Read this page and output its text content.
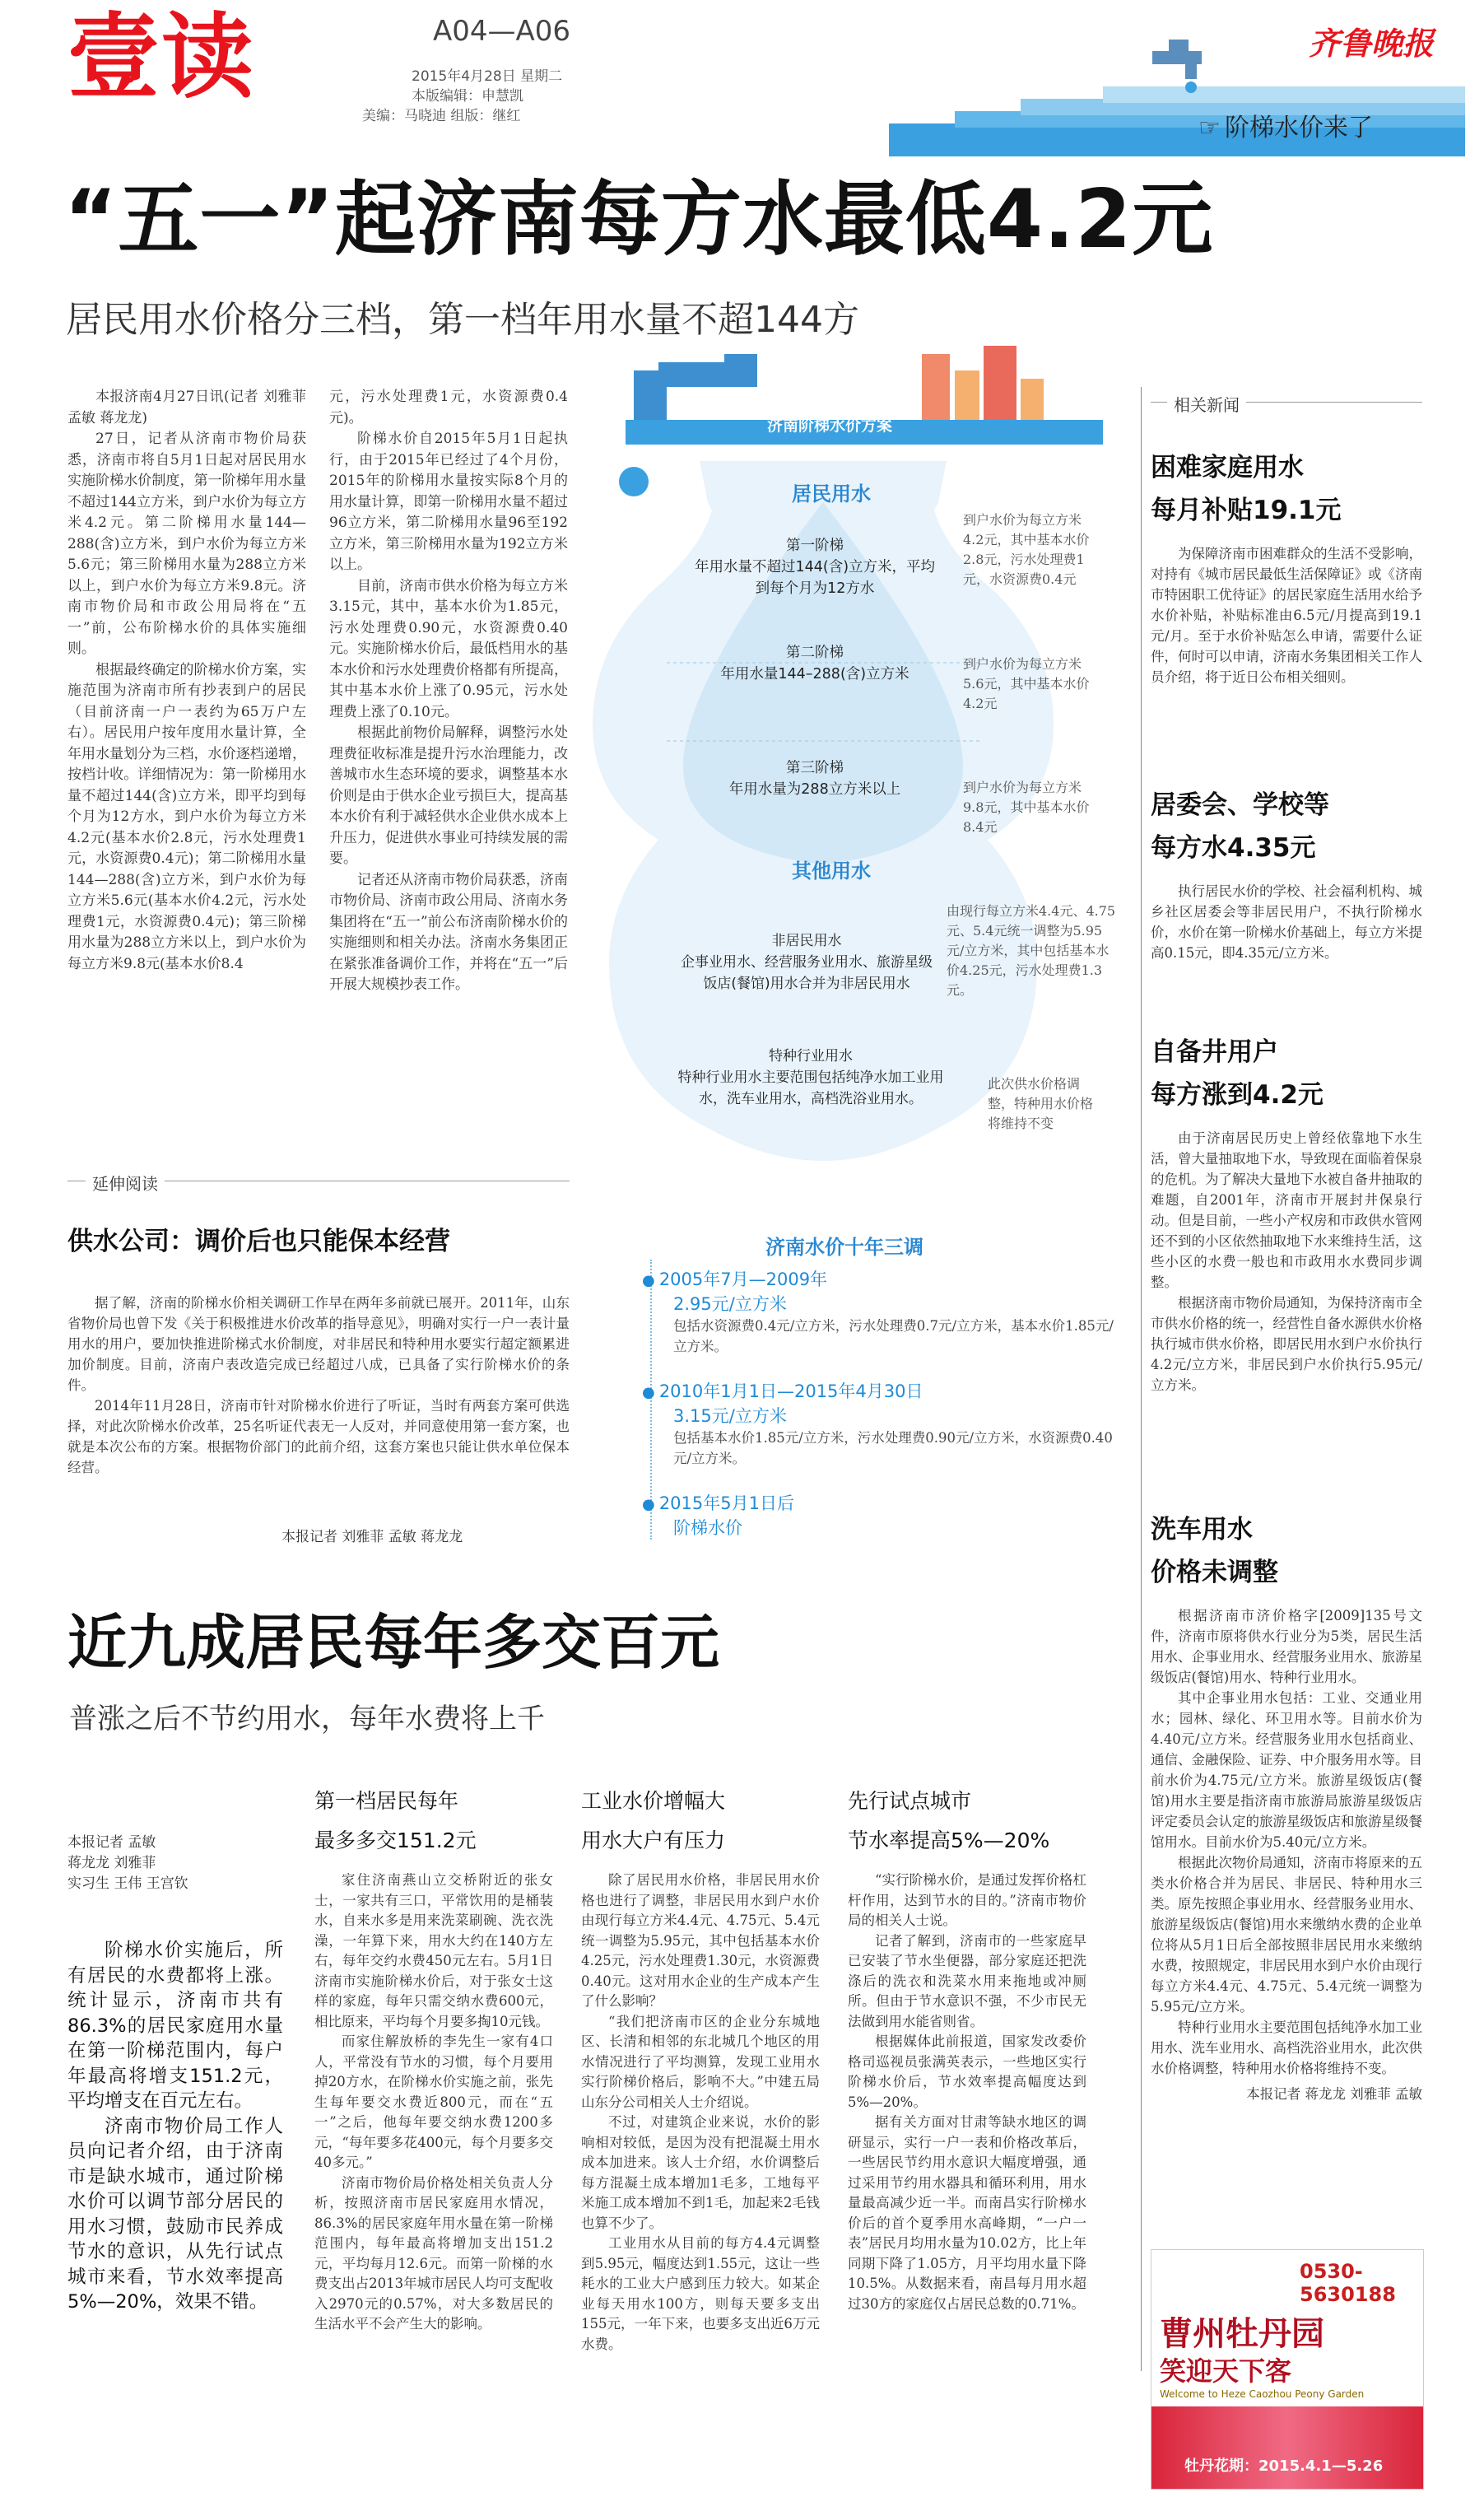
壹读	A04—A06
2015年4月28日 星期二
本版编辑：申慧凯
美编：马晓迪 组版：继红
齐鲁晚报
☞ 阶梯水价来了
“五一”起济南每方水最低4.2元
居民用水价格分三档，第一档年用水量不超144方

本报济南4月27日讯(记者 刘雅菲 孟敏 蒋龙龙)

27日，记者从济南市物价局获悉，济南市将自5月1日起对居民用水实施阶梯水价制度，第一阶梯年用水量不超过144立方米，到户水价为每立方米4.2元。第二阶梯用水量144—288(含)立方米，到户水价为每立方米5.6元；第三阶梯用水量为288立方米以上，到户水价为每立方米9.8元。济南市物价局和市政公用局将在“五一”前，公布阶梯水价的具体实施细则。

根据最终确定的阶梯水价方案，实施范围为济南市所有抄表到户的居民（目前济南一户一表约为65万户左右）。居民用户按年度用水量计算，全年用水量划分为三档，水价逐档递增，按档计收。详细情况为：第一阶梯用水量不超过144(含)立方米，即平均到每个月为12方水，到户水价为每立方米4.2元(基本水价2.8元，污水处理费1元，水资源费0.4元)；第二阶梯用水量144—288(含)立方米，到户水价为每立方米5.6元(基本水价4.2元，污水处理费1元，水资源费0.4元)；第三阶梯用水量为288立方米以上，到户水价为每立方米9.8元(基本水价8.4

元，污水处理费1元，水资源费0.4元)。

阶梯水价自2015年5月1日起执行，由于2015年已经过了4个月份，2015年的阶梯用水量按实际8个月的用水量计算，即第一阶梯用水量不超过96立方米，第二阶梯用水量96至192立方米，第三阶梯用水量为192立方米以上。

目前，济南市供水价格为每立方米3.15元，其中，基本水价为1.85元，污水处理费0.90元，水资源费0.40元。实施阶梯水价后，最低档用水的基本水价和污水处理费价格都有所提高，其中基本水价上涨了0.95元，污水处理费上涨了0.10元。

根据此前物价局解释，调整污水处理费征收标准是提升污水治理能力，改善城市水生态环境的要求，调整基本水价则是由于供水企业亏损巨大，提高基本水价有利于减轻供水企业供水成本上升压力，促进供水事业可持续发展的需要。

记者还从济南市物价局获悉，济南市物价局、济南市政公用局、济南水务集团将在“五一”前公布济南阶梯水价的实施细则和相关办法。济南水务集团正在紧张准备调价工作，并将在“五一”后开展大规模抄表工作。

济南阶梯水价方案
居民用水
第一阶梯
年用水量不超过144(含)立方米，平均到每个月为12方水
到户水价为每立方米4.2元，其中基本水价2.8元，污水处理费1元，水资源费0.4元
第二阶梯
年用水量144–288(含)立方米
到户水价为每立方米5.6元，其中基本水价4.2元
第三阶梯
年用水量为288立方米以上	到户水价为每立方米9.8元，其中基本水价8.4元
其他用水
非居民用水
企事业用水、经营服务业用水、旅游星级饭店(餐馆)用水合并为非居民用水
由现行每立方米4.4元、4.75元、5.4元统一调整为5.95元/立方米，其中包括基本水价4.25元，污水处理费1.3元。
特种行业用水
特种行业用水主要范围包括纯净水加工业用水，洗车业用水，高档洗浴业用水。
此次供水价格调整，特种用水价格将维持不变
济南水价十年三调
● 2005年7月—2009年
2.95元/立方米
包括水资源费0.4元/立方米，污水处理费0.7元/立方米，基本水价1.85元/立方米。
● 2010年1月1日—2015年4月30日
3.15元/立方米
包括基本水价1.85元/立方米，污水处理费0.90元/立方米，水资源费0.40元/立方米。
● 2015年5月1日后
阶梯水价
延伸阅读
供水公司：调价后也只能保本经营

据了解，济南的阶梯水价相关调研工作早在两年多前就已展开。2011年，山东省物价局也曾下发《关于积极推进水价改革的指导意见》，明确对实行一户一表计量用水的用户，要加快推进阶梯式水价制度，对非居民和特种用水要实行超定额累进加价制度。目前，济南户表改造完成已经超过八成，已具备了实行阶梯水价的条件。

2014年11月28日，济南市针对阶梯水价进行了听证，当时有两套方案可供选择，对此次阶梯水价改革，25名听证代表无一人反对，并同意使用第一套方案，也就是本次公布的方案。根据物价部门的此前介绍，这套方案也只能让供水单位保本经营。

本报记者 刘雅菲 孟敏 蒋龙龙
相关新闻
困难家庭用水
每月补贴19.1元

为保障济南市困难群众的生活不受影响，对持有《城市居民最低生活保障证》或《济南市特困职工优待证》的居民家庭生活用水给予水价补贴，补贴标准由6.5元/月提高到19.1元/月。至于水价补贴怎么申请，需要什么证件，何时可以申请，济南水务集团相关工作人员介绍，将于近日公布相关细则。

居委会、学校等
每方水4.35元

执行居民水价的学校、社会福利机构、城乡社区居委会等非居民用户，不执行阶梯水价，水价在第一阶梯水价基础上，每立方米提高0.15元，即4.35元/立方米。

自备井用户
每方涨到4.2元

由于济南居民历史上曾经依靠地下水生活，曾大量抽取地下水，导致现在面临着保泉的危机。为了解决大量地下水被自备井抽取的难题，自2001年，济南市开展封井保泉行动。但是目前，一些小产权房和市政供水管网还不到的小区依然抽取地下水来维持生活，这些小区的水费一般也和市政用水水费同步调整。

根据济南市物价局通知，为保持济南市全市供水价格的统一，经营性自备水源供水价格执行城市供水价格，即居民用水到户水价执行4.2元/立方米，非居民到户水价执行5.95元/立方米。

洗车用水
价格未调整

根据济南市济价格字[2009]135号文件，济南市原将供水行业分为5类，居民生活用水、企事业用水、经营服务业用水、旅游星级饭店(餐馆)用水、特种行业用水。

其中企事业用水包括：工业、交通业用水；园林、绿化、环卫用水等。目前水价为4.40元/立方米。经营服务业用水包括商业、通信、金融保险、证券、中介服务用水等。目前水价为4.75元/立方米。旅游星级饭店(餐馆)用水主要是指济南市旅游局旅游星级饭店评定委员会认定的旅游星级饭店和旅游星级餐馆用水。目前水价为5.40元/立方米。

根据此次物价局通知，济南市将原来的五类水价格合并为居民、非居民、特种用水三类。原先按照企事业用水、经营服务业用水、旅游星级饭店(餐馆)用水来缴纳水费的企业单位将从5月1日后全部按照非居民用水来缴纳水费，按照规定，非居民用水到户水价由现行每立方米4.4元、4.75元、5.4元统一调整为5.95元/立方米。

特种行业用水主要范围包括纯净水加工业用水、洗车业用水、高档洗浴业用水，此次供水价格调整，特种用水价格将维持不变。

本报记者 蒋龙龙 刘雅菲 孟敏
0530-5630188
曹州牡丹园
笑迎天下客
Welcome to Heze Caozhou Peony Garden
牡丹花期：2015.4.1—5.26
近九成居民每年多交百元
普涨之后不节约用水，每年水费将上千
本报记者 孟敏
蒋龙龙 刘雅菲
实习生 王伟 王宫钦

阶梯水价实施后，所有居民的水费都将上涨。统计显示，济南市共有86.3%的居民家庭用水量在第一阶梯范围内，每户年最高将增支151.2元，平均增支在百元左右。

济南市物价局工作人员向记者介绍，由于济南市是缺水城市，通过阶梯水价可以调节部分居民的用水习惯，鼓励市民养成节水的意识，从先行试点城市来看，节水效率提高5%—20%，效果不错。

第一档居民每年
最多多交151.2元

家住济南燕山立交桥附近的张女士，一家共有三口，平常饮用的是桶装水，自来水多是用来洗菜刷碗、洗衣洗澡，一年算下来，用水大约在140方左右，每年交约水费450元左右。5月1日济南市实施阶梯水价后，对于张女士这样的家庭，每年只需交纳水费600元，相比原来，平均每个月要多掏10元钱。

而家住解放桥的李先生一家有4口人，平常没有节水的习惯，每个月要用掉20方水，在阶梯水价实施之前，张先生每年要交水费近800元，而在“五一”之后，他每年要交纳水费1200多元，“每年要多花400元，每个月要多交40多元。”

济南市物价局价格处相关负责人分析，按照济南市居民家庭用水情况，86.3%的居民家庭年用水量在第一阶梯范围内，每年最高将增加支出151.2元，平均每月12.6元。而第一阶梯的水费支出占2013年城市居民人均可支配收入2970元的0.57%，对大多数居民的生活水平不会产生大的影响。

工业水价增幅大
用水大户有压力

除了居民用水价格，非居民用水价格也进行了调整，非居民用水到户水价由现行每立方米4.4元、4.75元、5.4元统一调整为5.95元，其中包括基本水价4.25元，污水处理费1.30元，水资源费0.40元。这对用水企业的生产成本产生了什么影响？

“我们把济南市区的企业分东城地区、长清和相邻的东北城几个地区的用水情况进行了平均测算，发现工业用水实行阶梯价格后，影响不大。”中建五局山东分公司相关人士介绍说。

不过，对建筑企业来说，水价的影响相对较低，是因为没有把混凝土用水成本加进来。该人士介绍，水价调整后每方混凝土成本增加1毛多，工地每平米施工成本增加不到1毛，加起来2毛钱也算不少了。

工业用水从目前的每方4.4元调整到5.95元，幅度达到1.55元，这让一些耗水的工业大户感到压力较大。如某企业每天用水100方，则每天要多支出155元，一年下来，也要多支出近6万元水费。

先行试点城市
节水率提高5%—20%

“实行阶梯水价，是通过发挥价格杠杆作用，达到节水的目的。”济南市物价局的相关人士说。

记者了解到，济南市的一些家庭早已安装了节水坐便器，部分家庭还把洗涤后的洗衣和洗菜水用来拖地或冲厕所。但由于节水意识不强，不少市民无法做到用水能省则省。

根据媒体此前报道，国家发改委价格司巡视员张满英表示，一些地区实行阶梯水价后，节水效率提高幅度达到5%—20%。

据有关方面对甘肃等缺水地区的调研显示，实行一户一表和价格改革后，一些居民节约用水意识大幅度增强，通过采用节约用水器具和循环利用，用水量最高减少近一半。而南昌实行阶梯水价后的首个夏季用水高峰期，“一户一表”居民月均用水量为10.02方，比上年同期下降了1.05方，月平均用水量下降10.5%。从数据来看，南昌每月用水超过30方的家庭仅占居民总数的0.71%。
